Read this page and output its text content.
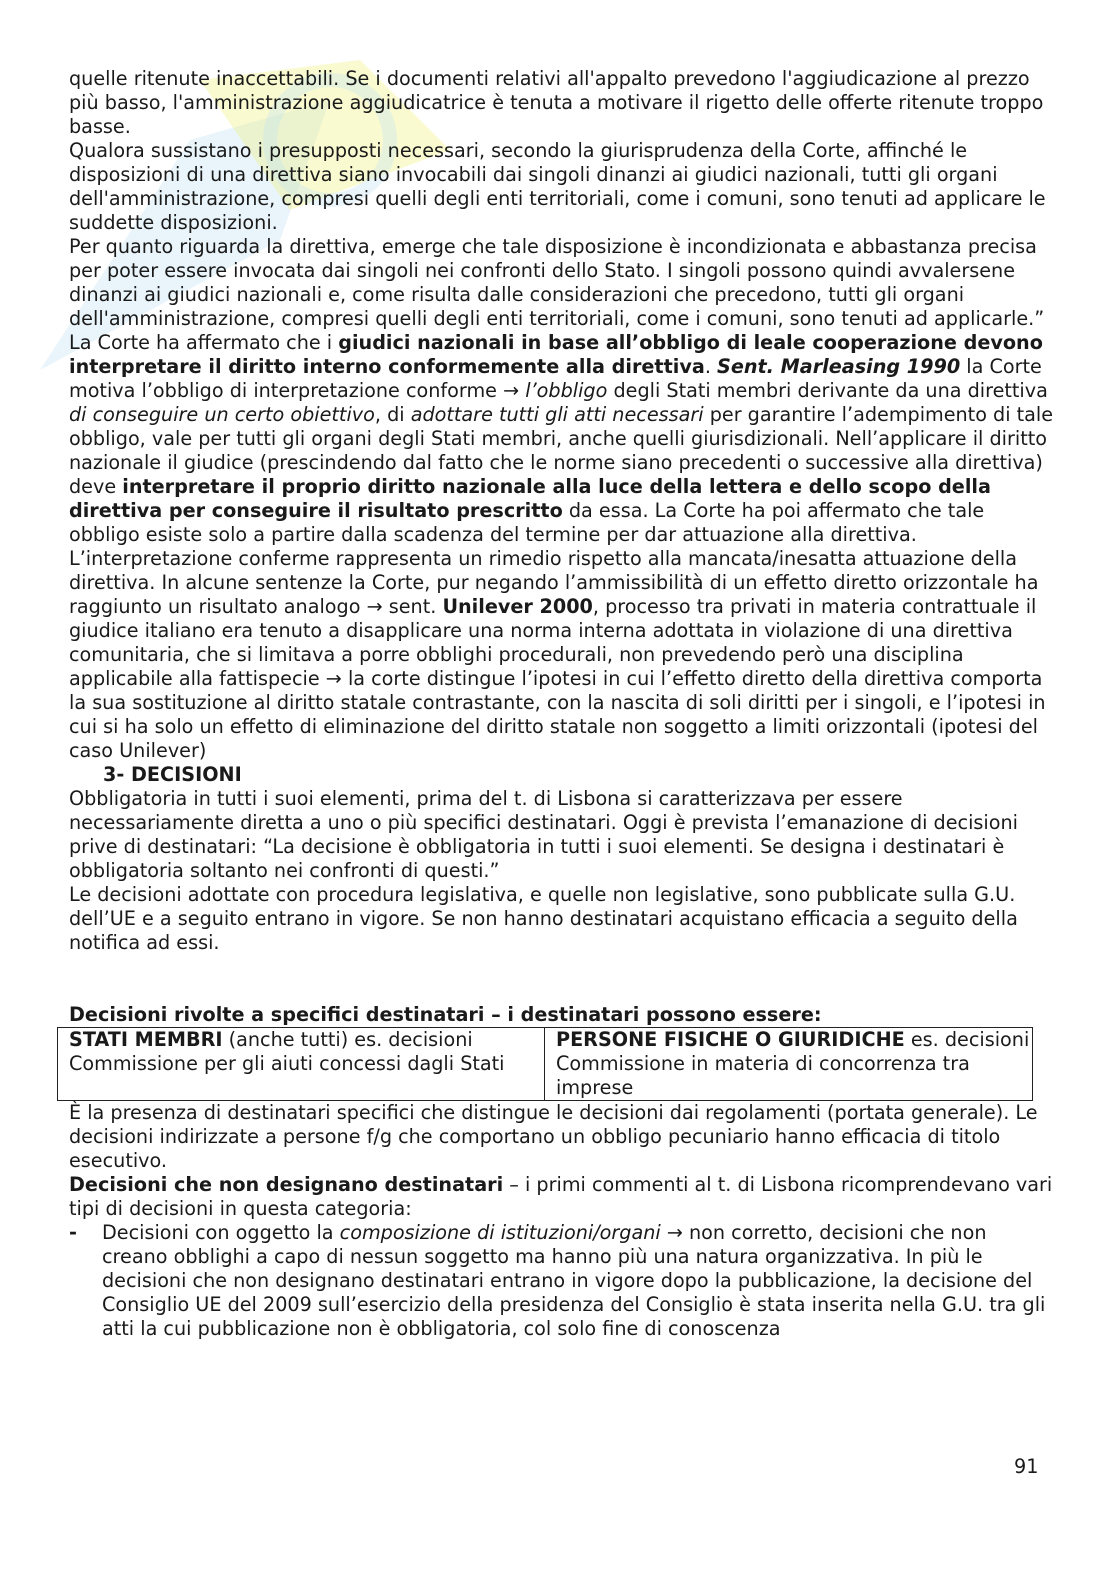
quelle ritenute inaccettabili. Se i documenti relativi all'appalto prevedono l'aggiudicazione al prezzo più basso, l'amministrazione aggiudicatrice è tenuta a motivare il rigetto delle offerte ritenute troppo basse.

Qualora sussistano i presupposti necessari, secondo la giurisprudenza della Corte, affinché le disposizioni di una direttiva siano invocabili dai singoli dinanzi ai giudici nazionali, tutti gli organi dell'amministrazione, compresi quelli degli enti territoriali, come i comuni, sono tenuti ad applicare le suddette disposizioni.

Per quanto riguarda la direttiva, emerge che tale disposizione è incondizionata e abbastanza precisa per poter essere invocata dai singoli nei confronti dello Stato. I singoli possono quindi avvalersene dinanzi ai giudici nazionali e, come risulta dalle considerazioni che precedono, tutti gli organi dell'amministrazione, compresi quelli degli enti territoriali, come i comuni, sono tenuti ad applicarle.”

La Corte ha affermato che i giudici nazionali in base all’obbligo di leale cooperazione devono interpretare il diritto interno conformemente alla direttiva. Sent. Marleasing 1990 la Corte motiva l’obbligo di interpretazione conforme → l’obbligo degli Stati membri derivante da una direttiva di conseguire un certo obiettivo, di adottare tutti gli atti necessari per garantire l’adempimento di tale obbligo, vale per tutti gli organi degli Stati membri, anche quelli giurisdizionali. Nell’applicare il diritto nazionale il giudice (prescindendo dal fatto che le norme siano precedenti o successive alla direttiva) deve interpretare il proprio diritto nazionale alla luce della lettera e dello scopo della direttiva per conseguire il risultato prescritto da essa. La Corte ha poi affermato che tale obbligo esiste solo a partire dalla scadenza del termine per dar attuazione alla direttiva. L’interpretazione conferme rappresenta un rimedio rispetto alla mancata/inesatta attuazione della direttiva. In alcune sentenze la Corte, pur negando l’ammissibilità di un effetto diretto orizzontale ha raggiunto un risultato analogo → sent. Unilever 2000, processo tra privati in materia contrattuale il giudice italiano era tenuto a disapplicare una norma interna adottata in violazione di una direttiva comunitaria, che si limitava a porre obblighi procedurali, non prevedendo però una disciplina applicabile alla fattispecie → la corte distingue l’ipotesi in cui l’effetto diretto della direttiva comporta la sua sostituzione al diritto statale contrastante, con la nascita di soli diritti per i singoli, e l’ipotesi in cui si ha solo un effetto di eliminazione del diritto statale non soggetto a limiti orizzontali (ipotesi del caso Unilever)

3- DECISIONI

Obbligatoria in tutti i suoi elementi, prima del t. di Lisbona si caratterizzava per essere necessariamente diretta a uno o più specifici destinatari. Oggi è prevista l’emanazione di decisioni prive di destinatari: “La decisione è obbligatoria in tutti i suoi elementi. Se designa i destinatari è obbligatoria soltanto nei confronti di questi.”

Le decisioni adottate con procedura legislativa, e quelle non legislative, sono pubblicate sulla G.U. dell’UE e a seguito entrano in vigore. Se non hanno destinatari acquistano efficacia a seguito della notifica ad essi.

Decisioni rivolte a specifici destinatari – i destinatari possono essere:

STATI MEMBRI (anche tutti) es. decisioni Commissione per gli aiuti concessi dagli Stati	PERSONE FISICHE O GIURIDICHE es. decisioni Commissione in materia di concorrenza tra imprese

È la presenza di destinatari specifici che distingue le decisioni dai regolamenti (portata generale). Le decisioni indirizzate a persone f/g che comportano un obbligo pecuniario hanno efficacia di titolo esecutivo.

Decisioni che non designano destinatari – i primi commenti al t. di Lisbona ricomprendevano vari tipi di decisioni in questa categoria:

-	Decisioni con oggetto la composizione di istituzioni/organi → non corretto, decisioni che non creano obblighi a capo di nessun soggetto ma hanno più una natura organizzativa. In più le decisioni che non designano destinatari entrano in vigore dopo la pubblicazione, la decisione del Consiglio UE del 2009 sull’esercizio della presidenza del Consiglio è stata inserita nella G.U. tra gli atti la cui pubblicazione non è obbligatoria, col solo fine di conoscenza
91
